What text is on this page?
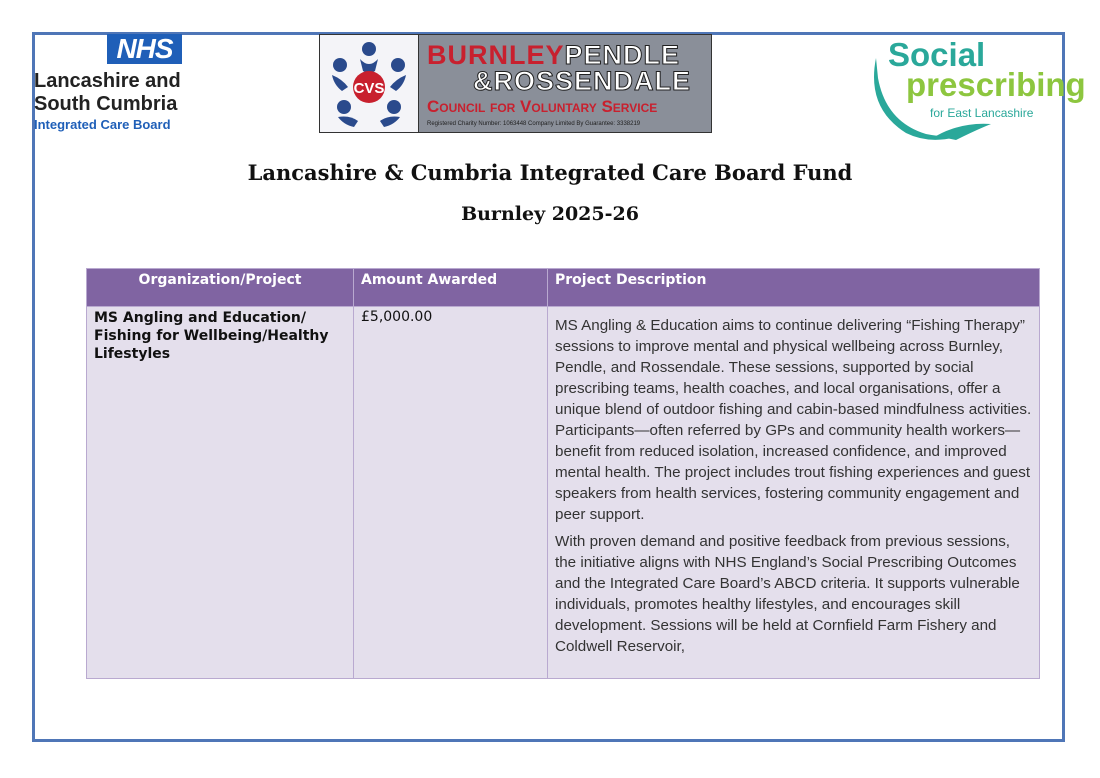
NHS
Lancashire and
South Cumbria
Integrated Care Board
CVS
BURNLEYPENDLE
&ROSSENDALE
Council for Voluntary Service
Registered Charity Number: 1063448 Company Limited By Guarantee: 3338219
Social
prescribing
for East Lancashire
Lancashire & Cumbria Integrated Care Board Fund
Burnley 2025-26
Organization/Project	Amount Awarded	Project Description
MS Angling and Education/ Fishing for Wellbeing/Healthy Lifestyles	£5,000.00	MS Angling & Education aims to continue delivering “Fishing Therapy” sessions to improve mental and physical wellbeing across Burnley, Pendle, and Rossendale. These sessions, supported by social prescribing teams, health coaches, and local organisations, offer a unique blend of outdoor fishing and cabin-based mindfulness activities. Participants—often referred by GPs and community health workers—benefit from reduced isolation, increased confidence, and improved mental health. The project includes trout fishing experiences and guest speakers from health services, fostering community engagement and peer support.

With proven demand and positive feedback from previous sessions, the initiative aligns with NHS England’s Social Prescribing Outcomes and the Integrated Care Board’s ABCD criteria. It supports vulnerable individuals, promotes healthy lifestyles, and encourages skill development. Sessions will be held at Cornfield Farm Fishery and Coldwell Reservoir,
